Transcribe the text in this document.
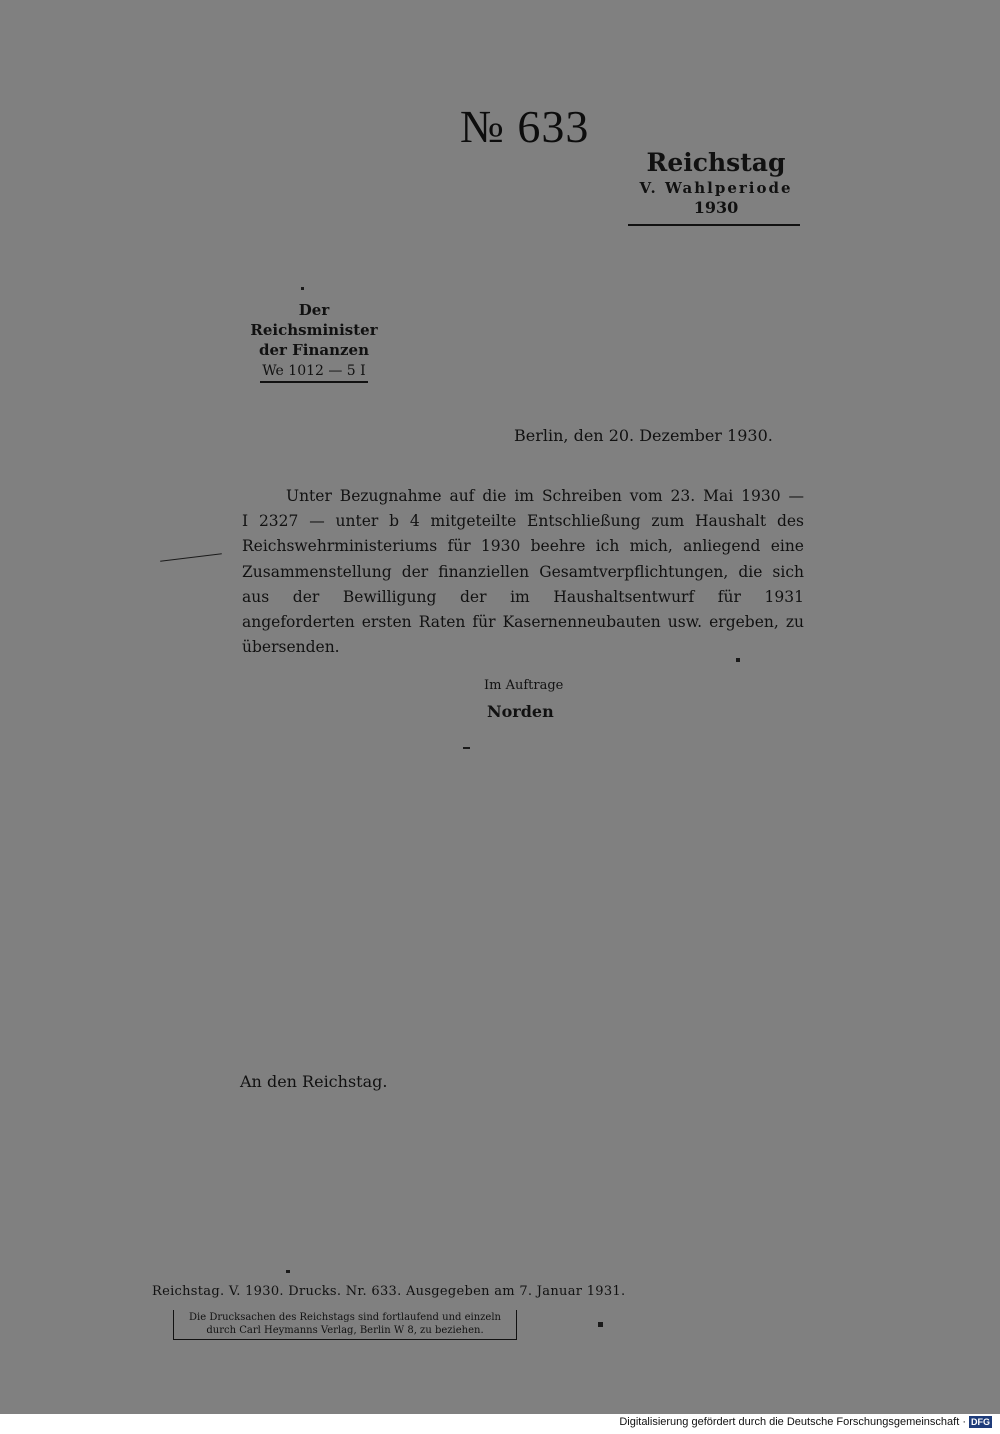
№ 633
Reichstag
V. Wahlperiode
1930
Der Reichsminister
der Finanzen
We 1012 — 5 I
Berlin, den 20. Dezember 1930.
Unter Bezugnahme auf die im Schreiben vom 23. Mai 1930 — I 2327 — unter b 4 mitgeteilte Entschließung zum Haushalt des Reichswehrministeriums für 1930 beehre ich mich, anliegend eine Zusammenstellung der finanziellen Gesamtverpflichtungen, die sich aus der Bewilligung der im Haushaltsentwurf für 1931 angeforderten ersten Raten für Kasernenneubauten usw. ergeben, zu übersenden.
Im Auftrage
Norden
An den Reichstag.
Reichstag. V. 1930. Drucks. Nr. 633. Ausgegeben am 7. Januar 1931.
Die Drucksachen des Reichstags sind fortlaufend und einzeln
durch Carl Heymanns Verlag, Berlin W 8, zu beziehen.
Digitalisierung gefördert durch die Deutsche Forschungsgemeinschaft · DFG
